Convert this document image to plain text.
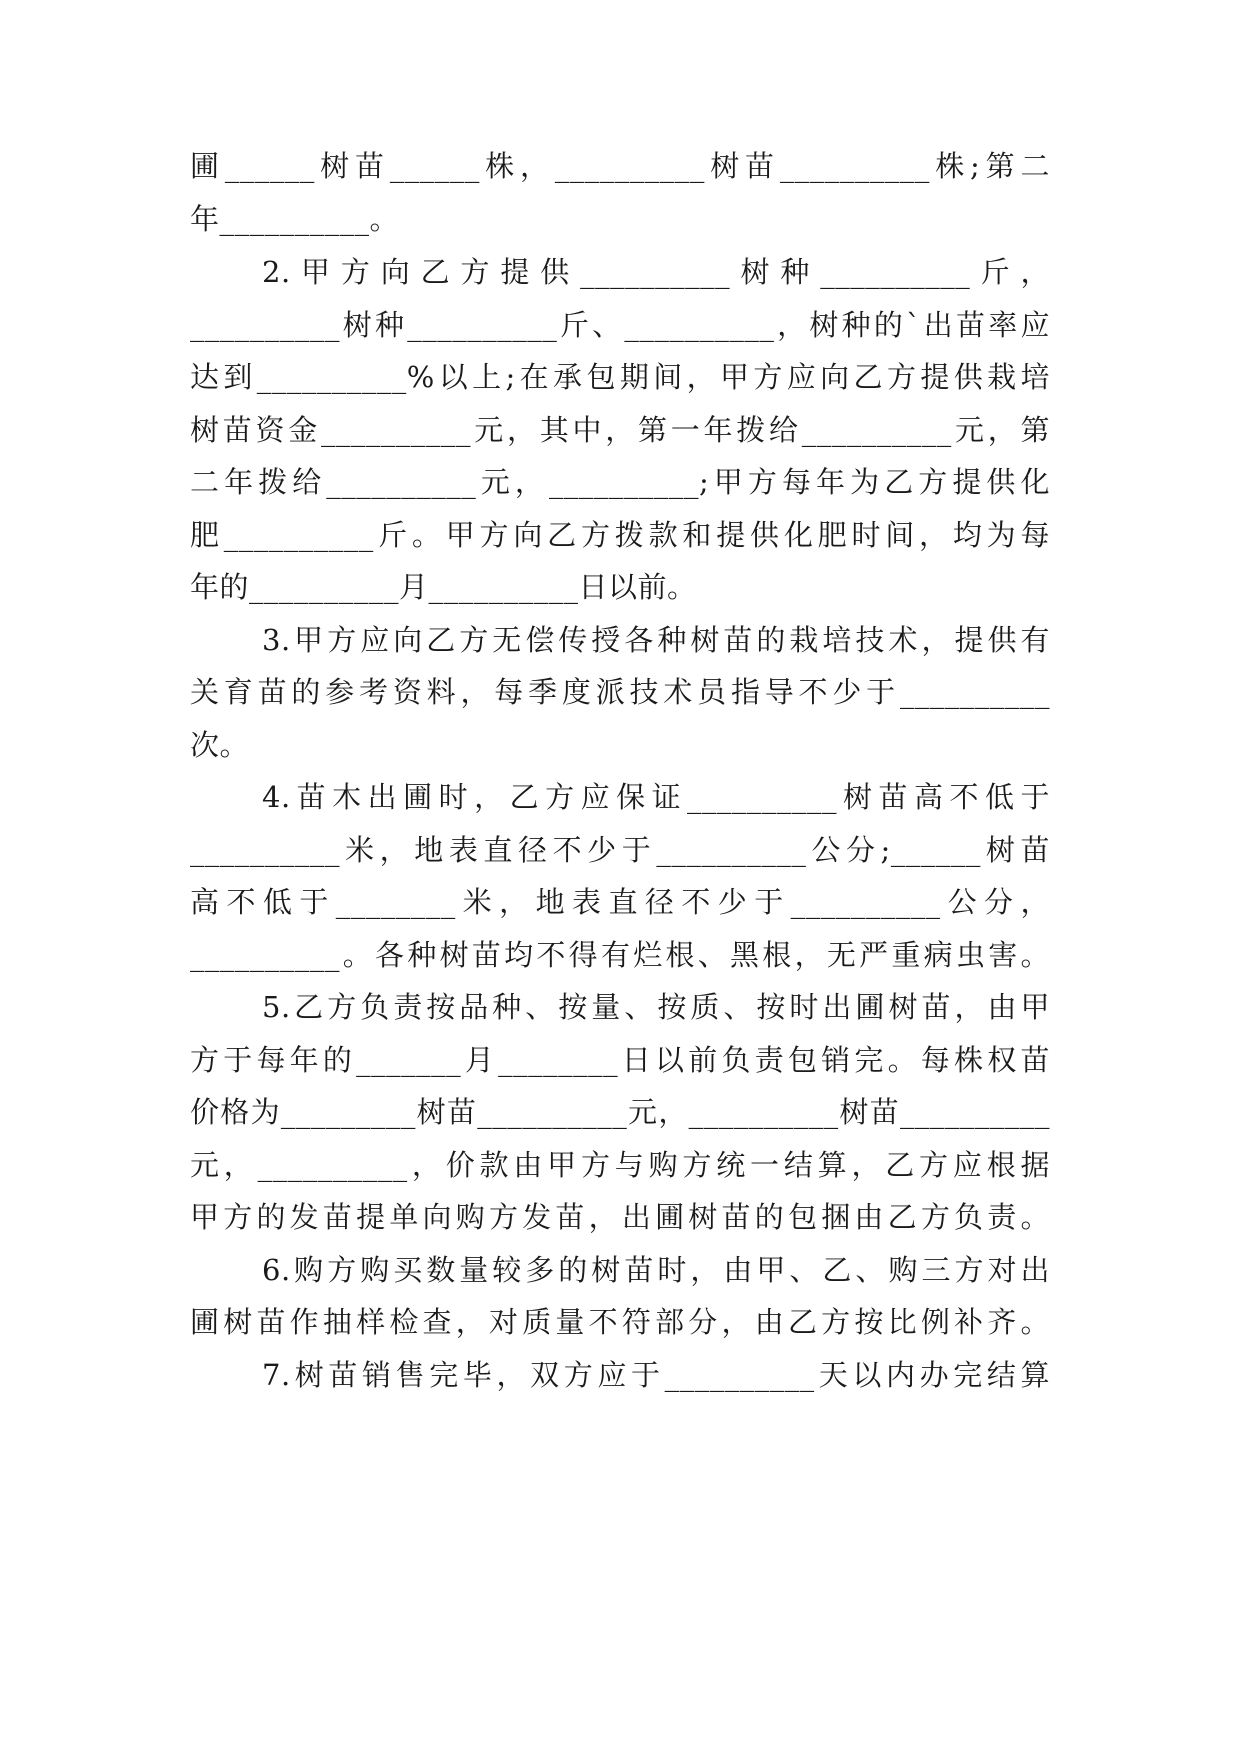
圃______树苗______株，__________树苗__________株;第二
年__________。
2.甲方向乙方提供__________树种__________斤，
__________树种__________斤、__________，树种的`出苗率应
达到__________%以上;在承包期间，甲方应向乙方提供栽培
树苗资金__________元，其中，第一年拨给__________元，第
二年拨给__________元，__________;甲方每年为乙方提供化
肥__________斤。甲方向乙方拨款和提供化肥时间，均为每
年的__________月__________日以前。
3.甲方应向乙方无偿传授各种树苗的栽培技术，提供有
关育苗的参考资料，每季度派技术员指导不少于__________
次。
4.苗木出圃时，乙方应保证__________树苗高不低于
__________米，地表直径不少于__________公分;______树苗
高不低于________米，地表直径不少于__________公分，
__________。各种树苗均不得有烂根、黑根，无严重病虫害。
5.乙方负责按品种、按量、按质、按时出圃树苗，由甲
方于每年的_______月________日以前负责包销完。每株权苗
价格为_________树苗__________元，__________树苗__________
元，__________，价款由甲方与购方统一结算，乙方应根据
甲方的发苗提单向购方发苗，出圃树苗的包捆由乙方负责。
6.购方购买数量较多的树苗时，由甲、乙、购三方对出
圃树苗作抽样检查，对质量不符部分，由乙方按比例补齐。
7.树苗销售完毕，双方应于__________天以内办完结算
